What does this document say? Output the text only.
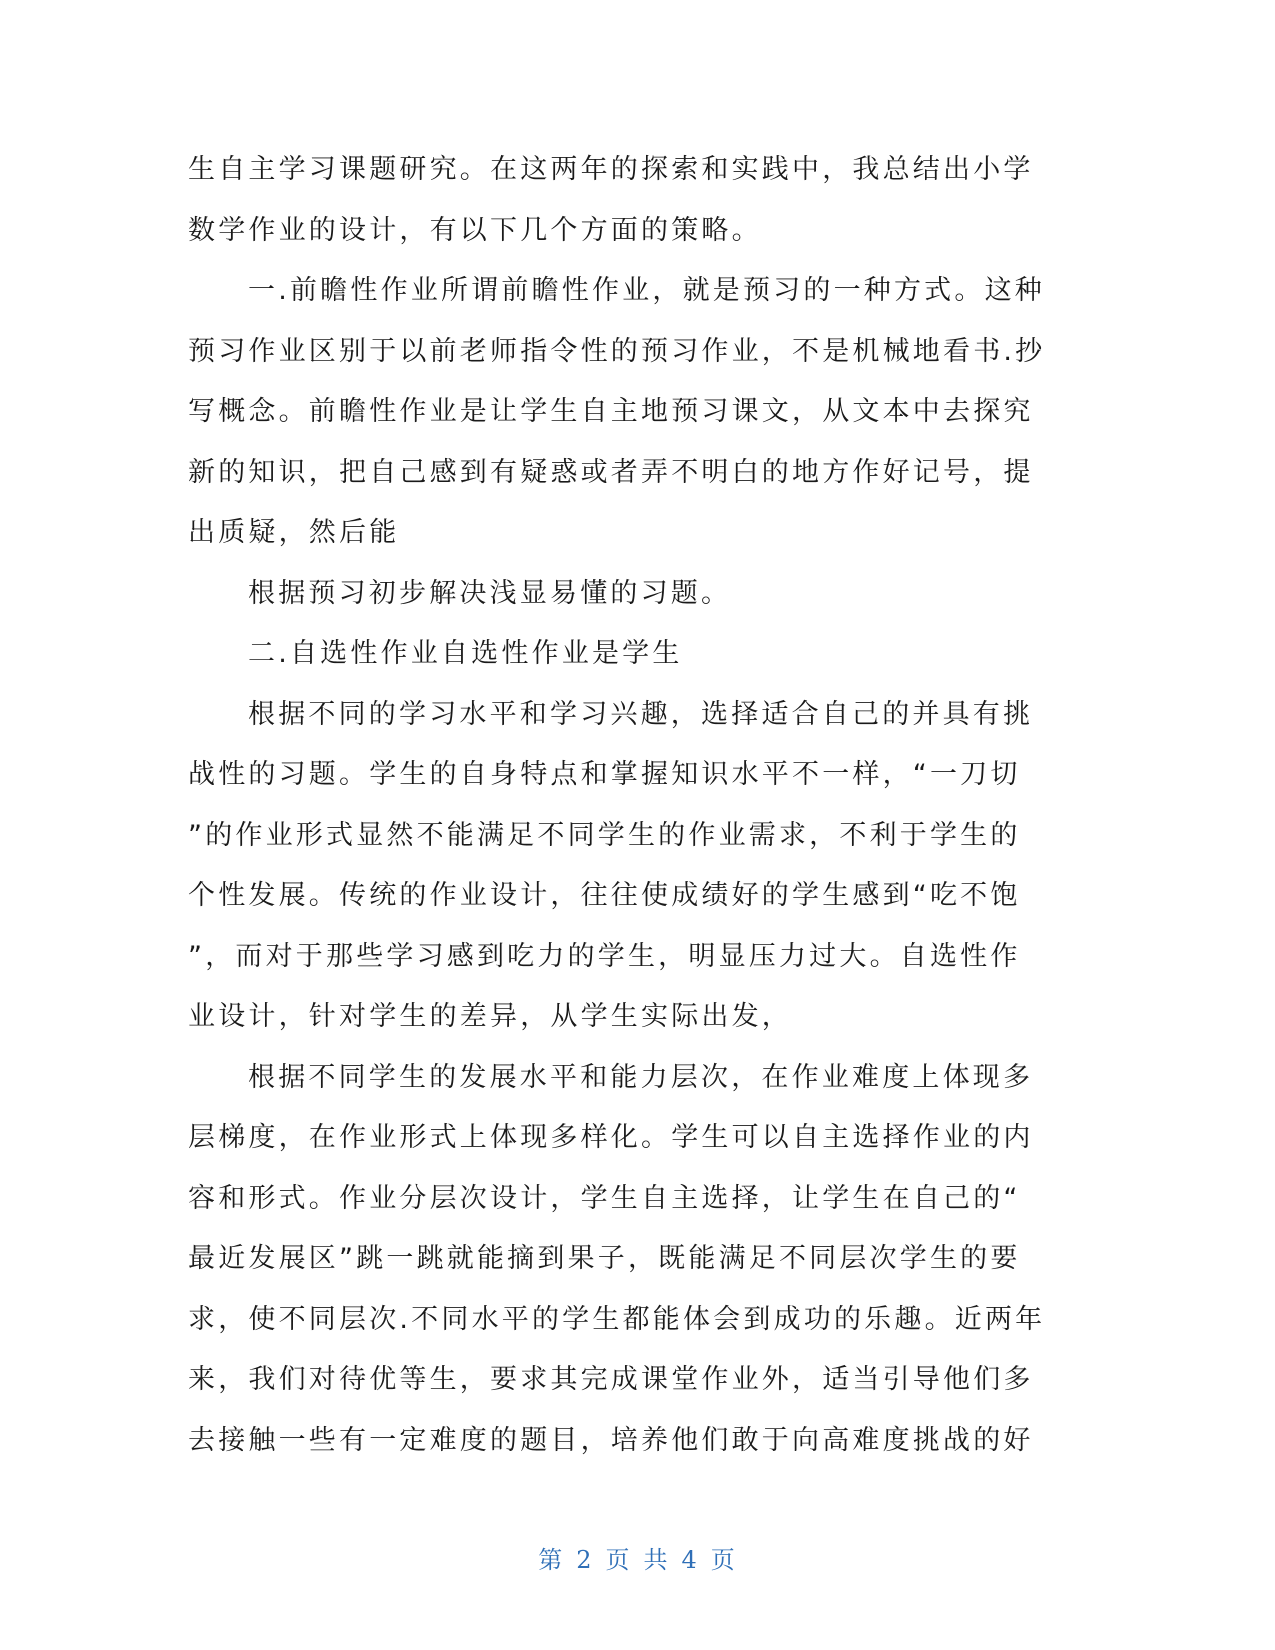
生自主学习课题研究。在这两年的探索和实践中，我总结出小学
数学作业的设计，有以下几个方面的策略。
一.前瞻性作业所谓前瞻性作业，就是预习的一种方式。这种
预习作业区别于以前老师指令性的预习作业，不是机械地看书.抄
写概念。前瞻性作业是让学生自主地预习课文，从文本中去探究
新的知识，把自己感到有疑惑或者弄不明白的地方作好记号，提
出质疑，然后能
根据预习初步解决浅显易懂的习题。
二.自选性作业自选性作业是学生
根据不同的学习水平和学习兴趣，选择适合自己的并具有挑
战性的习题。学生的自身特点和掌握知识水平不一样，“一刀切
”的作业形式显然不能满足不同学生的作业需求，不利于学生的
个性发展。传统的作业设计，往往使成绩好的学生感到“吃不饱
”，而对于那些学习感到吃力的学生，明显压力过大。自选性作
业设计，针对学生的差异，从学生实际出发，
根据不同学生的发展水平和能力层次，在作业难度上体现多
层梯度，在作业形式上体现多样化。学生可以自主选择作业的内
容和形式。作业分层次设计，学生自主选择，让学生在自己的“
最近发展区”跳一跳就能摘到果子，既能满足不同层次学生的要
求，使不同层次.不同水平的学生都能体会到成功的乐趣。近两年
来，我们对待优等生，要求其完成课堂作业外，适当引导他们多
去接触一些有一定难度的题目，培养他们敢于向高难度挑战的好
第 2 页 共 4 页
